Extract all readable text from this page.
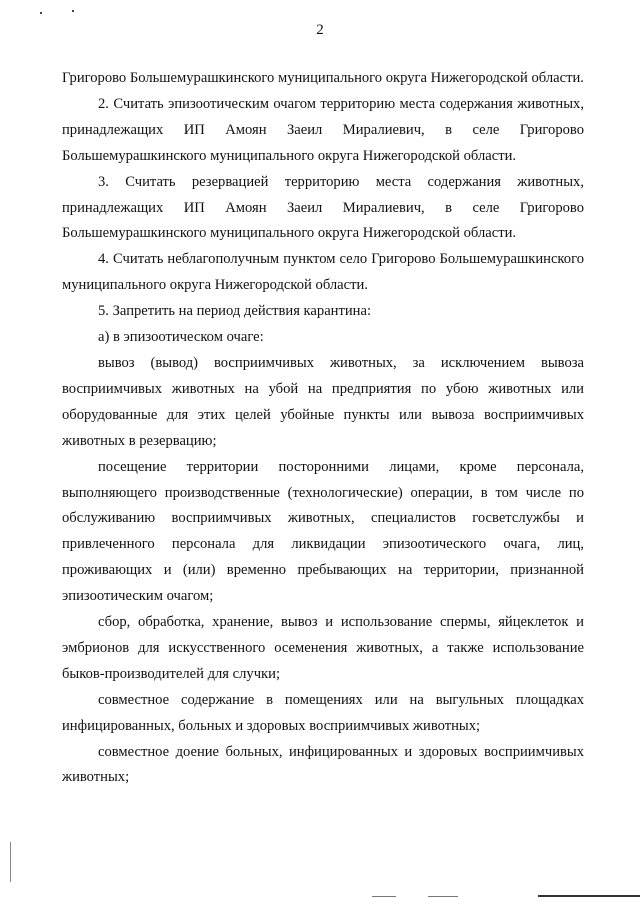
2

Григорово Большемурашкинского муниципального округа Нижегородской области.

2. Считать эпизоотическим очагом территорию места содержания животных, принадлежащих ИП Амоян Заеил Миралиевич, в селе Григорово Большемурашкинского муниципального округа Нижегородской области.

3. Считать резервацией территорию места содержания животных, принадлежащих ИП Амоян Заеил Миралиевич, в селе Григорово Большемурашкинского муниципального округа Нижегородской области.

4. Считать неблагополучным пунктом село Григорово Большемурашкинского муниципального округа Нижегородской области.

5. Запретить на период действия карантина:

а) в эпизоотическом очаге:

вывоз (вывод) восприимчивых животных, за исключением вывоза восприимчивых животных на убой на предприятия по убою животных или оборудованные для этих целей убойные пункты или вывоза восприимчивых животных в резервацию;

посещение территории посторонними лицами, кроме персонала, выполняющего производственные (технологические) операции, в том числе по обслуживанию восприимчивых животных, специалистов госветслужбы и привлеченного персонала для ликвидации эпизоотического очага, лиц, проживающих и (или) временно пребывающих на территории, признанной эпизоотическим очагом;

сбор, обработка, хранение, вывоз и использование спермы, яйцеклеток и эмбрионов для искусственного осеменения животных, а также использование быков-производителей для случки;

совместное содержание в помещениях или на выгульных площадках инфицированных, больных и здоровых восприимчивых животных;

совместное доение больных, инфицированных и здоровых восприимчивых животных;
